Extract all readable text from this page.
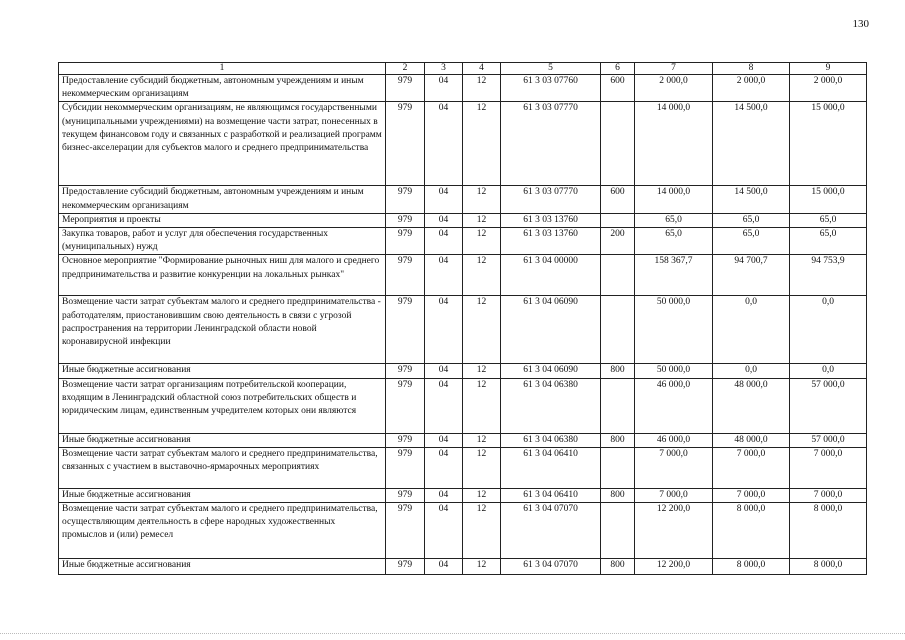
130
1	2	3	4	5	6	7	8	9
Предоставление субсидий бюджетным, автономным учреждениям и иным некоммерческим организациям	979	04	12	61 3 03 07760	600	2 000,0	2 000,0	2 000,0
Субсидии некоммерческим организациям, не являющимся государственными (муниципальными учреждениями) на возмещение части затрат, понесенных в текущем финансовом году и связанных с разработкой и реализацией программ бизнес-акселерации для субъектов малого и среднего предпринимательства	979	04	12	61 3 03 07770		14 000,0	14 500,0	15 000,0
Предоставление субсидий бюджетным, автономным учреждениям и иным некоммерческим организациям	979	04	12	61 3 03 07770	600	14 000,0	14 500,0	15 000,0
Мероприятия и проекты	979	04	12	61 3 03 13760		65,0	65,0	65,0
Закупка товаров, работ и услуг для обеспечения государственных (муниципальных) нужд	979	04	12	61 3 03 13760	200	65,0	65,0	65,0
Основное мероприятие "Формирование рыночных ниш для малого и среднего предпринимательства и развитие конкуренции на локальных рынках"	979	04	12	61 3 04 00000		158 367,7	94 700,7	94 753,9
Возмещение части затрат субъектам малого и среднего предпринимательства - работодателям, приостановившим свою деятельность в связи с угрозой распространения на территории Ленинградской области новой коронавирусной инфекции	979	04	12	61 3 04 06090		50 000,0	0,0	0,0
Иные бюджетные ассигнования	979	04	12	61 3 04 06090	800	50 000,0	0,0	0,0
Возмещение части затрат организациям потребительской кооперации, входящим в Ленинградский областной союз потребительских обществ и юридическим лицам, единственным учредителем которых они являются	979	04	12	61 3 04 06380		46 000,0	48 000,0	57 000,0
Иные бюджетные ассигнования	979	04	12	61 3 04 06380	800	46 000,0	48 000,0	57 000,0
Возмещение части затрат субъектам малого и среднего предпринимательства, связанных с участием в выставочно-ярмарочных мероприятиях	979	04	12	61 3 04 06410		7 000,0	7 000,0	7 000,0
Иные бюджетные ассигнования	979	04	12	61 3 04 06410	800	7 000,0	7 000,0	7 000,0
Возмещение части затрат субъектам малого и среднего предпринимательства, осуществляющим деятельность в сфере народных художественных промыслов и (или) ремесел	979	04	12	61 3 04 07070		12 200,0	8 000,0	8 000,0
Иные бюджетные ассигнования	979	04	12	61 3 04 07070	800	12 200,0	8 000,0	8 000,0
